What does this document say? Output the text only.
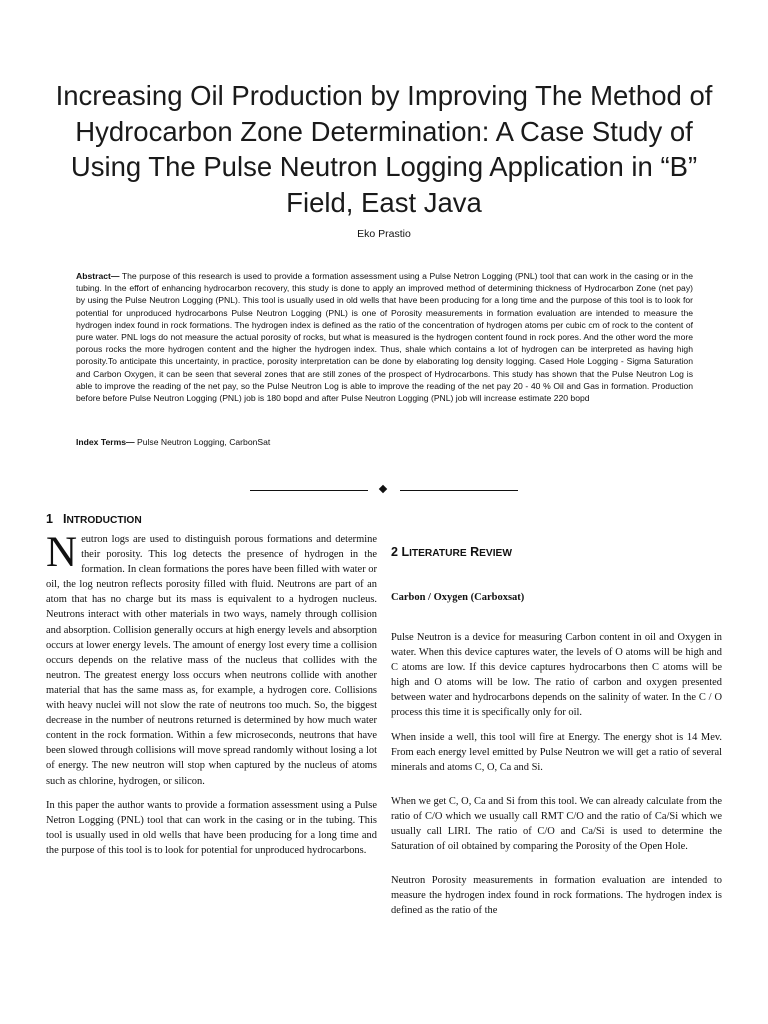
Increasing Oil Production by Improving The Method of Hydrocarbon Zone Determination: A Case Study of Using The Pulse Neutron Logging Application in “B” Field, East Java
Eko Prastio

Abstract— The purpose of this research is used to provide a formation assessment using a Pulse Netron Logging (PNL) tool that can work in the casing or in the tubing. In the effort of enhancing hydrocarbon recovery, this study is done to apply an improved method of determining thickness of Hydrocarbon Zone (net pay) by using the Pulse Neutron Logging (PNL). This tool is usually used in old wells that have been producing for a long time and the purpose of this tool is to look for potential for unproduced hydrocarbons Pulse Neutron Logging (PNL) is one of Porosity measurements in formation evaluation are intended to measure the hydrogen index found in rock formations. The hydrogen index is defined as the ratio of the concentration of hydrogen atoms per cubic cm of rock to the content of pure water. PNL logs do not measure the actual porosity of rocks, but what is measured is the hydrogen content found in rock pores. And the other word the more porous rocks the more hydrogen content and the higher the hydrogen index. Thus, shale which contains a lot of hydrogen can be interpreted as having high porosity.To anticipate this uncertainty, in practice, porosity interpretation can be done by elaborating log density logging. Cased Hole Logging - Sigma Saturation and Carbon Oxygen, it can be seen that several zones that are still zones of the prospect of Hydrocarbons. This study has shown that the Pulse Neutron Log is able to improve the reading of the net pay, so the Pulse Neutron Log is able to improve the reading of the net pay 20 - 40 % Oil and Gas in formation. Production before before Pulse Neutron Logging (PNL) job is 180 bopd and after Pulse Neutron Logging (PNL) job will increase estimate 220 bopd

Index Terms— Pulse Neutron Logging, CarbonSat

1 INTRODUCTION

Neutron logs are used to distinguish porous formations and determine their porosity. This log detects the presence of hydrogen in the formation. In clean formations the pores have been filled with water or oil, the log neutron reflects porosity filled with fluid. Neutrons are part of an atom that has no charge but its mass is equivalent to a hydrogen nucleus. Neutrons interact with other materials in two ways, namely through collision and absorption. Collision generally occurs at high energy levels and absorption occurs at lower energy levels. The amount of energy lost every time a collision occurs depends on the relative mass of the nucleus that collides with the neutron. The greatest energy loss occurs when neutrons collide with another material that has the same mass as, for example, a hydrogen core. Collisions with heavy nuclei will not slow the rate of neutrons too much. So, the biggest decrease in the number of neutrons returned is determined by how much water content in the rock formation. Within a few microseconds, neutrons that have been slowed through collisions will move spread randomly without losing a lot of energy. The new neutron will stop when captured by the nucleus of atoms such as chlorine, hydrogen, or silicon.

In this paper the author wants to provide a formation assessment using a Pulse Netron Logging (PNL) tool that can work in the casing or in the tubing. This tool is usually used in old wells that have been producing for a long time and the purpose of this tool is to look for potential for unproduced hydrocarbons.

2 LITERATURE REVIEW
Carbon / Oxygen (Carboxsat)

Pulse Neutron is a device for measuring Carbon content in oil and Oxygen in water. When this device captures water, the levels of O atoms will be high and C atoms are low. If this device captures hydrocarbons then C atoms will be high and O atoms will be low. The ratio of carbon and oxygen presented between water and hydrocarbons depends on the salinity of water. In the C / O process this time it is specifically only for oil.

When inside a well, this tool will fire at Energy. The energy shot is 14 Mev. From each energy level emitted by Pulse Neutron we will get a ratio of several minerals and atoms C, O, Ca and Si.

When we get C, O, Ca and Si from this tool. We can already calculate from the ratio of C/O which we usually call RMT C/O and the ratio of Ca/Si which we usually call LIRI. The ratio of C/O and Ca/Si is used to determine the Saturation of oil obtained by comparing the Porosity of the Open Hole.

Neutron Porosity measurements in formation evaluation are intended to measure the hydrogen index found in rock formations. The hydrogen index is defined as the ratio of the
